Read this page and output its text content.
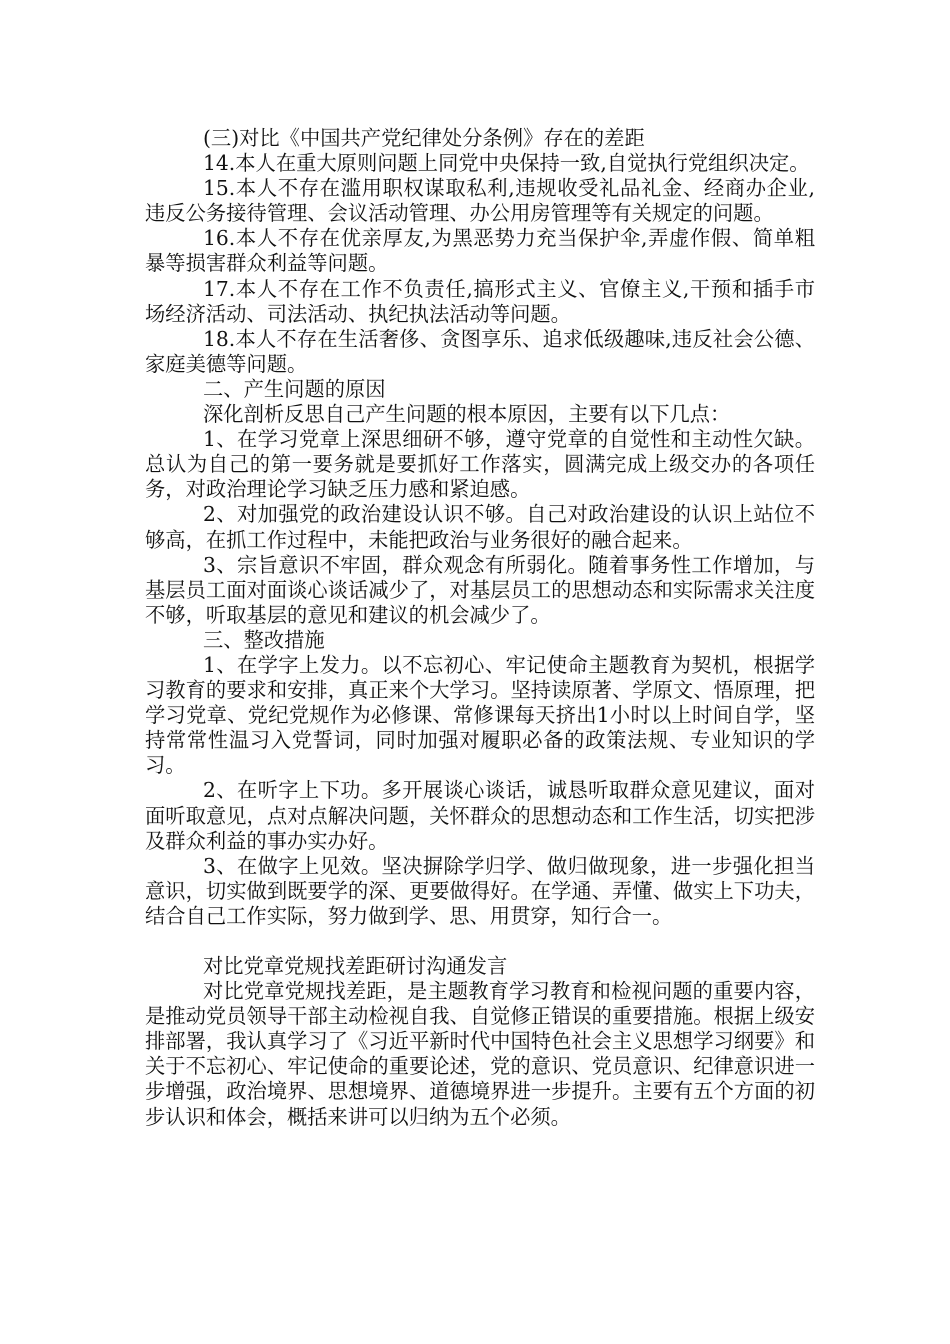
(三)对比《中国共产党纪律处分条例》存在的差距

14.本人在重大原则问题上同党中央保持一致,自觉执行党组织决定。

15.本人不存在滥用职权谋取私利,违规收受礼品礼金、经商办企业,违反公务接待管理、会议活动管理、办公用房管理等有关规定的问题。

16.本人不存在优亲厚友,为黑恶势力充当保护伞,弄虚作假、简单粗暴等损害群众利益等问题。

17.本人不存在工作不负责任,搞形式主义、官僚主义,干预和插手市场经济活动、司法活动、执纪执法活动等问题。

18.本人不存在生活奢侈、贪图享乐、追求低级趣味,违反社会公德、家庭美德等问题。

二、产生问题的原因

深化剖析反思自己产生问题的根本原因，主要有以下几点：

1、在学习党章上深思细研不够，遵守党章的自觉性和主动性欠缺。总认为自己的第一要务就是要抓好工作落实，圆满完成上级交办的各项任务，对政治理论学习缺乏压力感和紧迫感。

2、对加强党的政治建设认识不够。自己对政治建设的认识上站位不够高，在抓工作过程中，未能把政治与业务很好的融合起来。

3、宗旨意识不牢固，群众观念有所弱化。随着事务性工作增加，与基层员工面对面谈心谈话减少了，对基层员工的思想动态和实际需求关注度不够，听取基层的意见和建议的机会减少了。

三、整改措施

1、在学字上发力。以不忘初心、牢记使命主题教育为契机，根据学习教育的要求和安排，真正来个大学习。坚持读原著、学原文、悟原理，把学习党章、党纪党规作为必修课、常修课每天挤出1小时以上时间自学，坚持常常性温习入党誓词，同时加强对履职必备的政策法规、专业知识的学习。

2、在听字上下功。多开展谈心谈话，诚恳听取群众意见建议，面对面听取意见，点对点解决问题，关怀群众的思想动态和工作生活，切实把涉及群众利益的事办实办好。

3、在做字上见效。坚决摒除学归学、做归做现象，进一步强化担当意识，切实做到既要学的深、更要做得好。在学通、弄懂、做实上下功夫，结合自己工作实际，努力做到学、思、用贯穿，知行合一。

对比党章党规找差距研讨沟通发言

对比党章党规找差距，是主题教育学习教育和检视问题的重要内容，是推动党员领导干部主动检视自我、自觉修正错误的重要措施。根据上级安排部署，我认真学习了《习近平新时代中国特色社会主义思想学习纲要》和关于不忘初心、牢记使命的重要论述，党的意识、党员意识、纪律意识进一步增强，政治境界、思想境界、道德境界进一步提升。主要有五个方面的初步认识和体会，概括来讲可以归纳为五个必须。
